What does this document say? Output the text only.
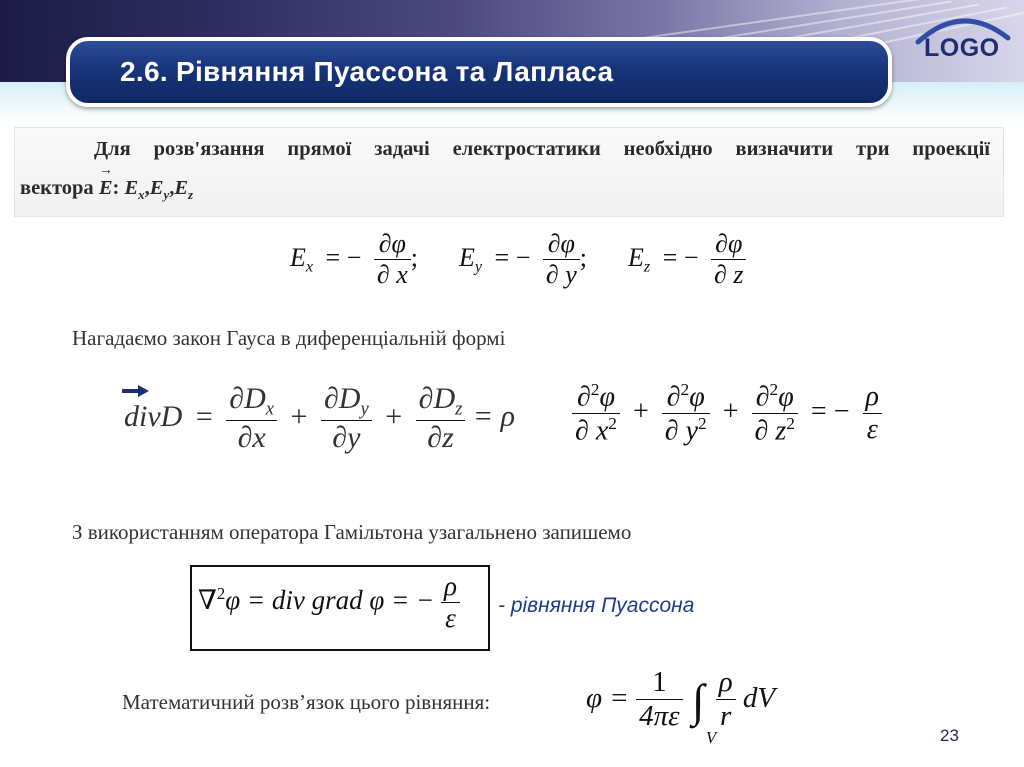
2.6. Рівняння Пуассона та Лапласа
LOGO
Для розв'язання прямої задачі електростатики необхідно визначити три проекції
вектора → E: $E_x,E_y,E_z$
$E_x$ = − $\frac{\partial\varphi}{\partial x}$ ; $E_y$ = − $\frac{\partial\varphi}{\partial y}$ ; $E_z$ = − $\frac{\partial\varphi}{\partial z}$
Нагадаємо закон Гауса в диференціальній формі
divD = $\frac{\partial D_x}{\partial x} + \frac{\partial D_y}{\partial y} + \frac{\partial D_z}{\partial z} = \rho \frac{\partial^2\varphi}{\partial x^2} + \frac{\partial^2\varphi}{\partial y^2} + \frac{\partial^2\varphi}{\partial z^2}$ = − $\frac{\rho}{\varepsilon}$
З використанням оператора Гамільтона узагальнено запишемо
∇$^2$φ = div grad φ = − $\frac{\rho}{\varepsilon}$ - рівняння Пуассона
Математичний розв’язок цього рівняння:	$\varphi = \frac{1}{4\pi\varepsilon}$ ∫
V

$\frac{\rho}{r}$ dV
23
